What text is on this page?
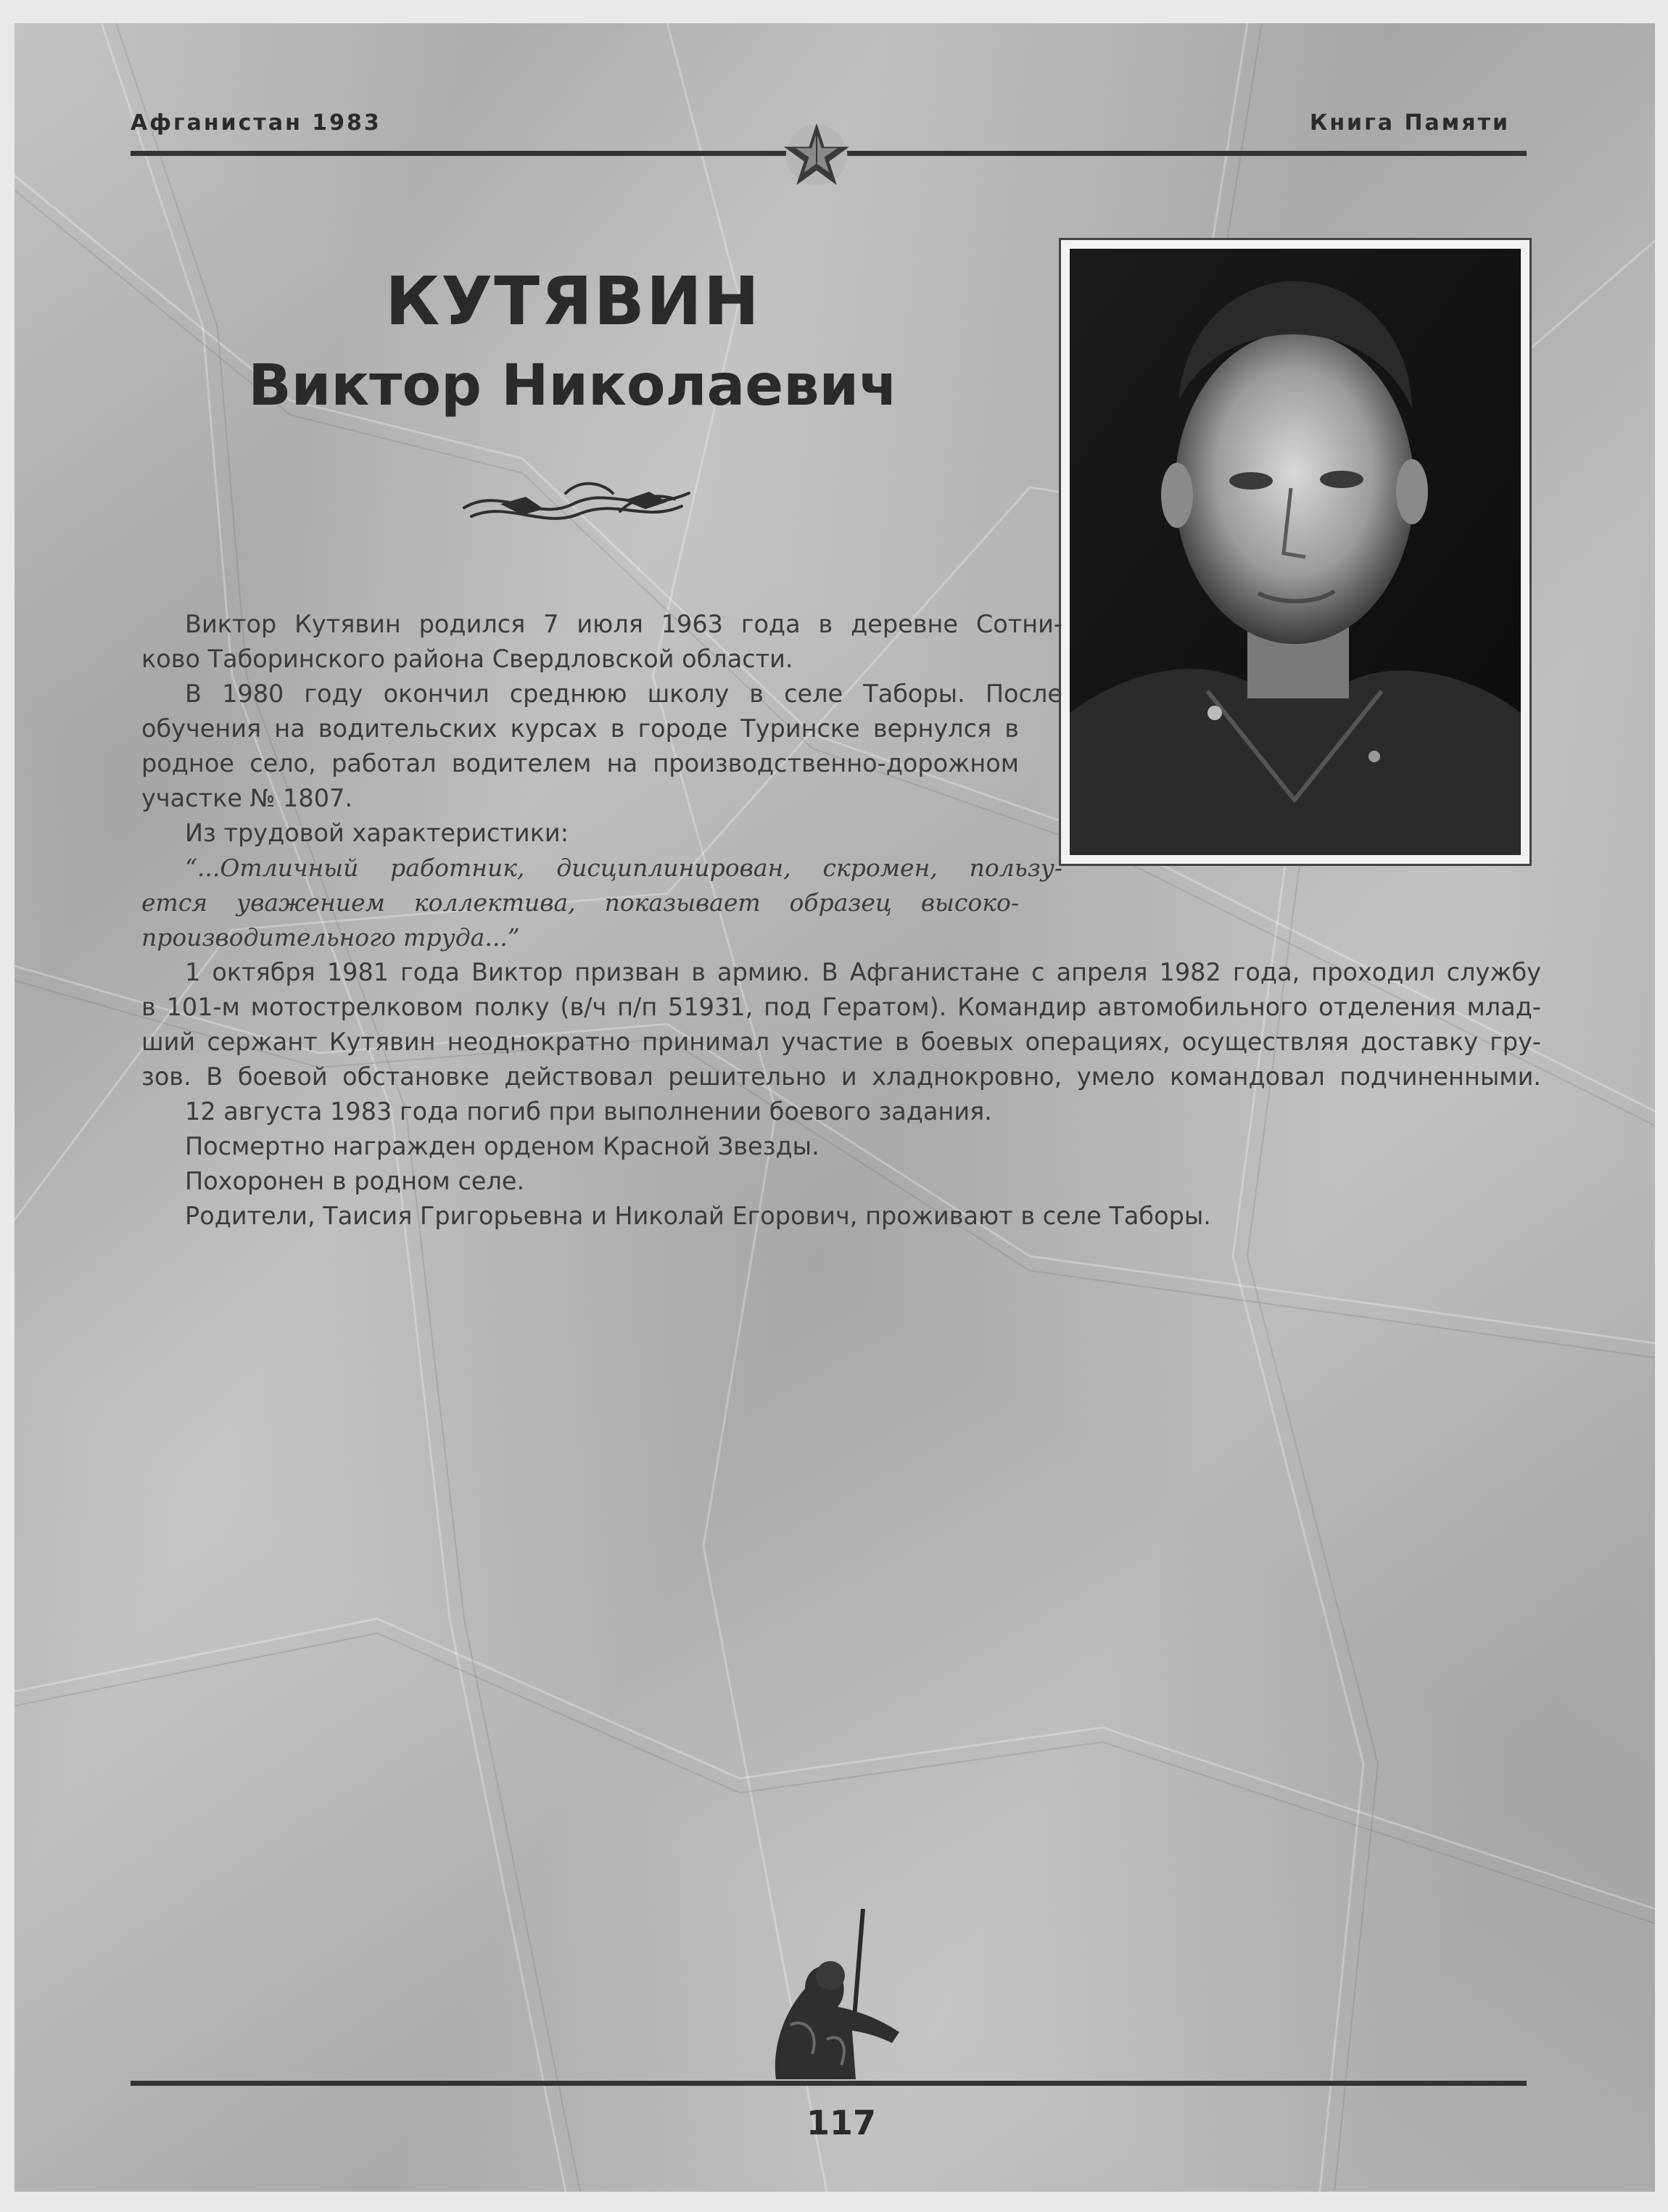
Афганистан 1983	Книга Памяти
КУТЯВИН
Виктор Николаевич
Виктор Кутявин родился 7 июля 1963 года в деревне Сотни-
ково Таборинского района Свердловской области.
В 1980 году окончил среднюю школу в селе Таборы. После
обучения на водительских курсах в городе Туринске вернулся в
родное село, работал водителем на производственно-дорожном
участке № 1807.
Из трудовой характеристики:
“...Отличный работник, дисциплинирован, скромен, пользу-
ется уважением коллектива, показывает образец высоко-
производительного труда...”
1 октября 1981 года Виктор призван в армию. В Афганистане с апреля 1982 года, проходил службу
в 101-м мотострелковом полку (в/ч п/п 51931, под Гератом). Командир автомобильного отделения млад-
ший сержант Кутявин неоднократно принимал участие в боевых операциях, осуществляя доставку гру-
зов. В боевой обстановке действовал решительно и хладнокровно, умело командовал подчиненными.
12 августа 1983 года погиб при выполнении боевого задания.
Посмертно награжден орденом Красной Звезды.
Похоронен в родном селе.
Родители, Таисия Григорьевна и Николай Егорович, проживают в селе Таборы.
117
